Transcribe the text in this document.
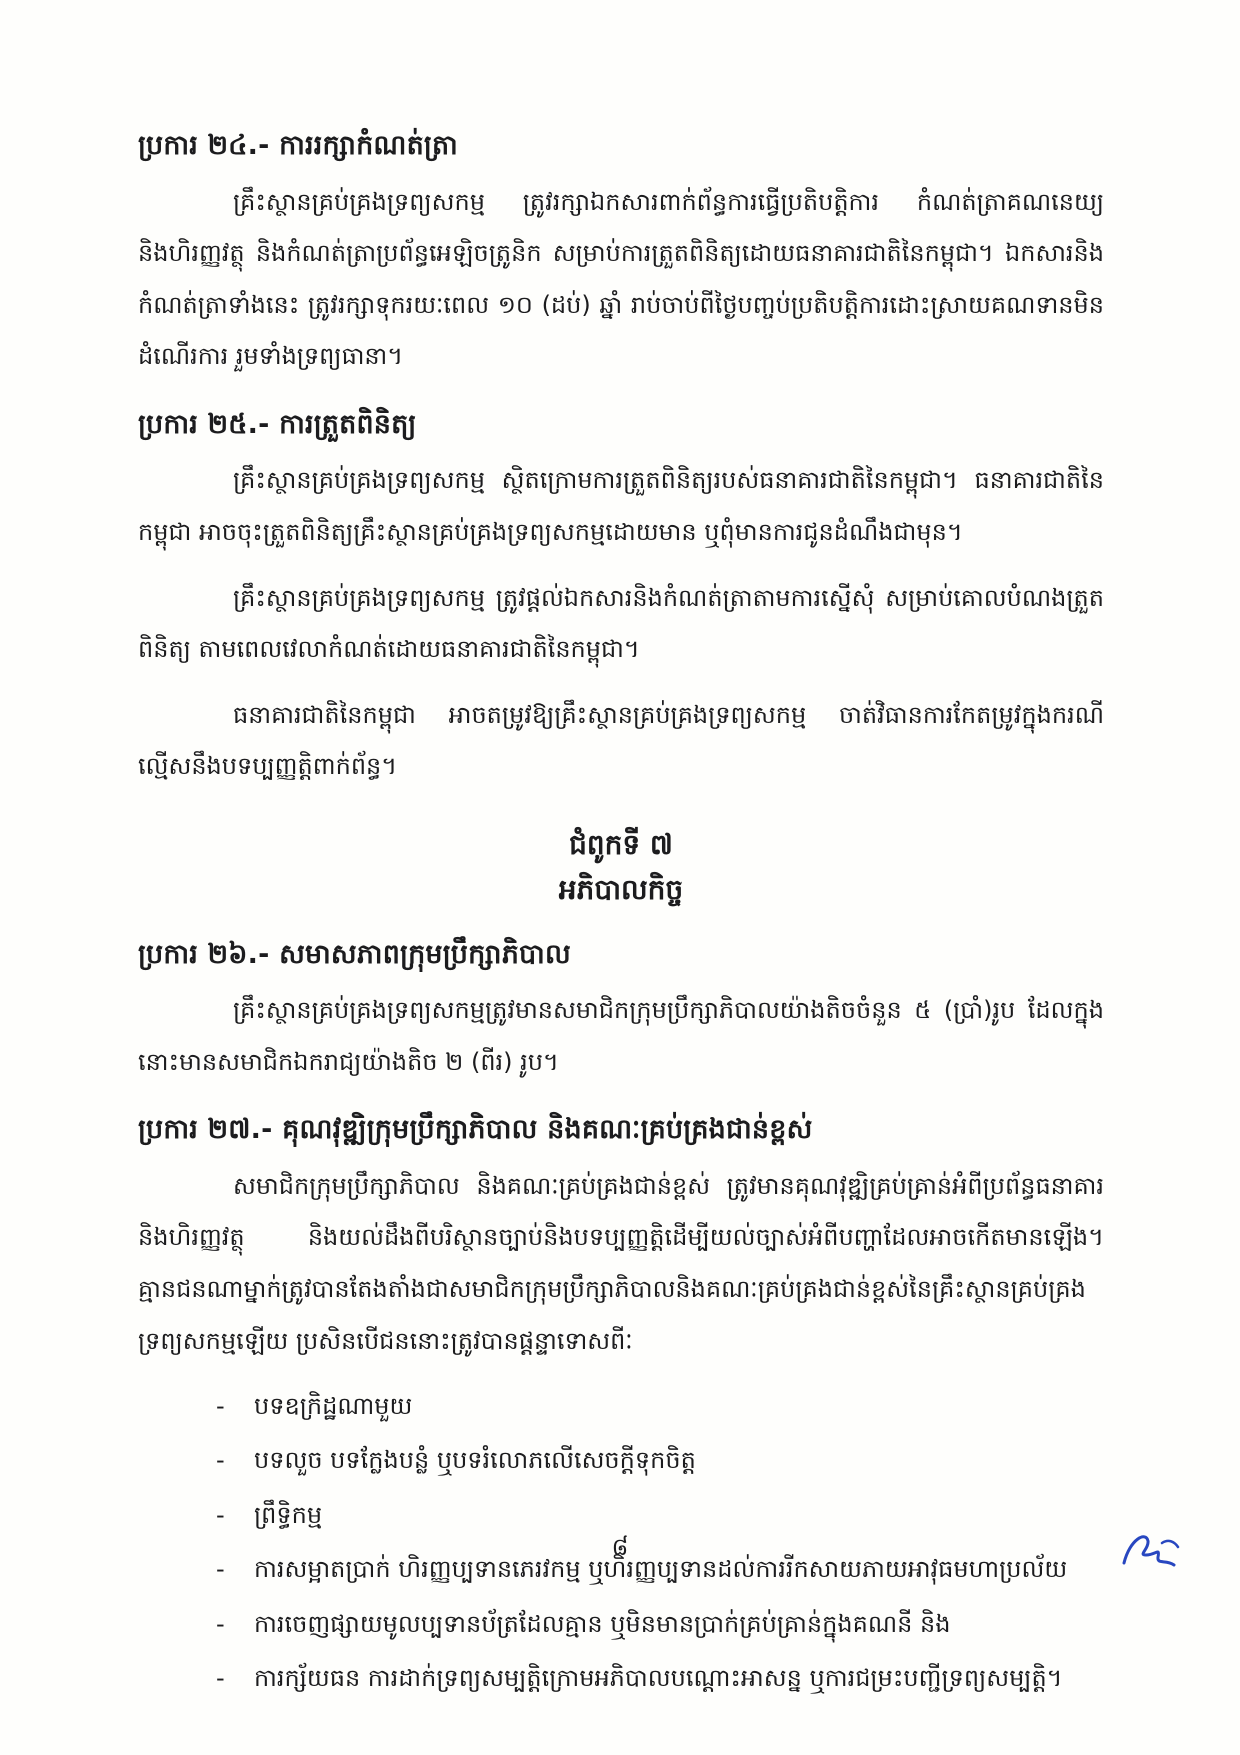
ប្រការ ២៤.- ការរក្សាកំណត់ត្រា
គ្រឹះស្ថានគ្រប់គ្រងទ្រព្យសកម្ម ត្រូវរក្សាឯកសារពាក់ព័ន្ធការធ្វើប្រតិបត្តិការ កំណត់ត្រាគណនេយ្យនិងហិរញ្ញវត្ថុ និងកំណត់ត្រាប្រព័ន្ធអេឡិចត្រូនិក សម្រាប់ការត្រួតពិនិត្យដោយធនាគារជាតិនៃកម្ពុជា។ ឯកសារនិងកំណត់ត្រាទាំងនេះ ត្រូវរក្សាទុករយៈពេល ១០ (ដប់) ឆ្នាំ រាប់ចាប់ពីថ្ងៃបញ្ចប់ប្រតិបត្តិការដោះស្រាយគណទានមិនដំណើរការ រួមទាំងទ្រព្យធានា។
ប្រការ ២៥.- ការត្រួតពិនិត្យ
គ្រឹះស្ថានគ្រប់គ្រងទ្រព្យសកម្ម ស្ថិតក្រោមការត្រួតពិនិត្យរបស់ធនាគារជាតិនៃកម្ពុជា។ ធនាគារជាតិនៃកម្ពុជា អាចចុះត្រួតពិនិត្យគ្រឹះស្ថានគ្រប់គ្រងទ្រព្យសកម្មដោយមាន ឬពុំមានការជូនដំណឹងជាមុន។
គ្រឹះស្ថានគ្រប់គ្រងទ្រព្យសកម្ម ត្រូវផ្តល់ឯកសារនិងកំណត់ត្រាតាមការស្នើសុំ សម្រាប់គោលបំណងត្រួតពិនិត្យ តាមពេលវេលាកំណត់ដោយធនាគារជាតិនៃកម្ពុជា។
ធនាគារជាតិនៃកម្ពុជា អាចតម្រូវឱ្យគ្រឹះស្ថានគ្រប់គ្រងទ្រព្យសកម្ម ចាត់វិធានការកែតម្រូវក្នុងករណីល្មើសនឹងបទប្បញ្ញត្តិពាក់ព័ន្ធ។
ជំពូកទី ៧
អភិបាលកិច្ច
ប្រការ ២៦.- សមាសភាពក្រុមប្រឹក្សាភិបាល
គ្រឹះស្ថានគ្រប់គ្រងទ្រព្យសកម្មត្រូវមានសមាជិកក្រុមប្រឹក្សាភិបាលយ៉ាងតិចចំនួន ៥ (ប្រាំ)រូប ដែលក្នុងនោះមានសមាជិកឯករាជ្យយ៉ាងតិច ២ (ពីរ) រូប។
ប្រការ ២៧.- គុណវុឌ្ឍិក្រុមប្រឹក្សាភិបាល និងគណៈគ្រប់គ្រងជាន់ខ្ពស់
សមាជិកក្រុមប្រឹក្សាភិបាល និងគណៈគ្រប់គ្រងជាន់ខ្ពស់ ត្រូវមានគុណវុឌ្ឍិគ្រប់គ្រាន់អំពីប្រព័ន្ធធនាគារនិងហិរញ្ញវត្ថុ និងយល់ដឹងពីបរិស្ថានច្បាប់និងបទប្បញ្ញត្តិដើម្បីយល់ច្បាស់អំពីបញ្ហាដែលអាចកើតមានឡើង។ គ្មានជនណាម្នាក់ត្រូវបានតែងតាំងជាសមាជិកក្រុមប្រឹក្សាភិបាលនិងគណៈគ្រប់គ្រងជាន់ខ្ពស់នៃគ្រឹះស្ថានគ្រប់គ្រងទ្រព្យសកម្មឡើយ ប្រសិនបើជននោះត្រូវបានផ្ដន្ទាទោសពីៈ
-	បទឧក្រិដ្ឋណាមួយ
-	បទលួច បទក្លែងបន្លំ ឬបទរំលោភលើសេចក្ដីទុកចិត្ត
-	ព្រឹទ្ធិកម្ម
-	ការសម្អាតប្រាក់ ហិរញ្ញប្បទានភេរវកម្ម ឬហិរញ្ញប្បទានដល់ការរីកសាយភាយអាវុធមហាប្រល័យ
-	ការចេញផ្សាយមូលប្បទានប័ត្រដែលគ្មាន ឬមិនមានប្រាក់គ្រប់គ្រាន់ក្នុងគណនី និង
-	ការក្ស័យធន ការដាក់ទ្រព្យសម្បត្តិក្រោមអភិបាលបណ្ដោះអាសន្ន ឬការជម្រះបញ្ជីទ្រព្យសម្បត្តិ។
៨
